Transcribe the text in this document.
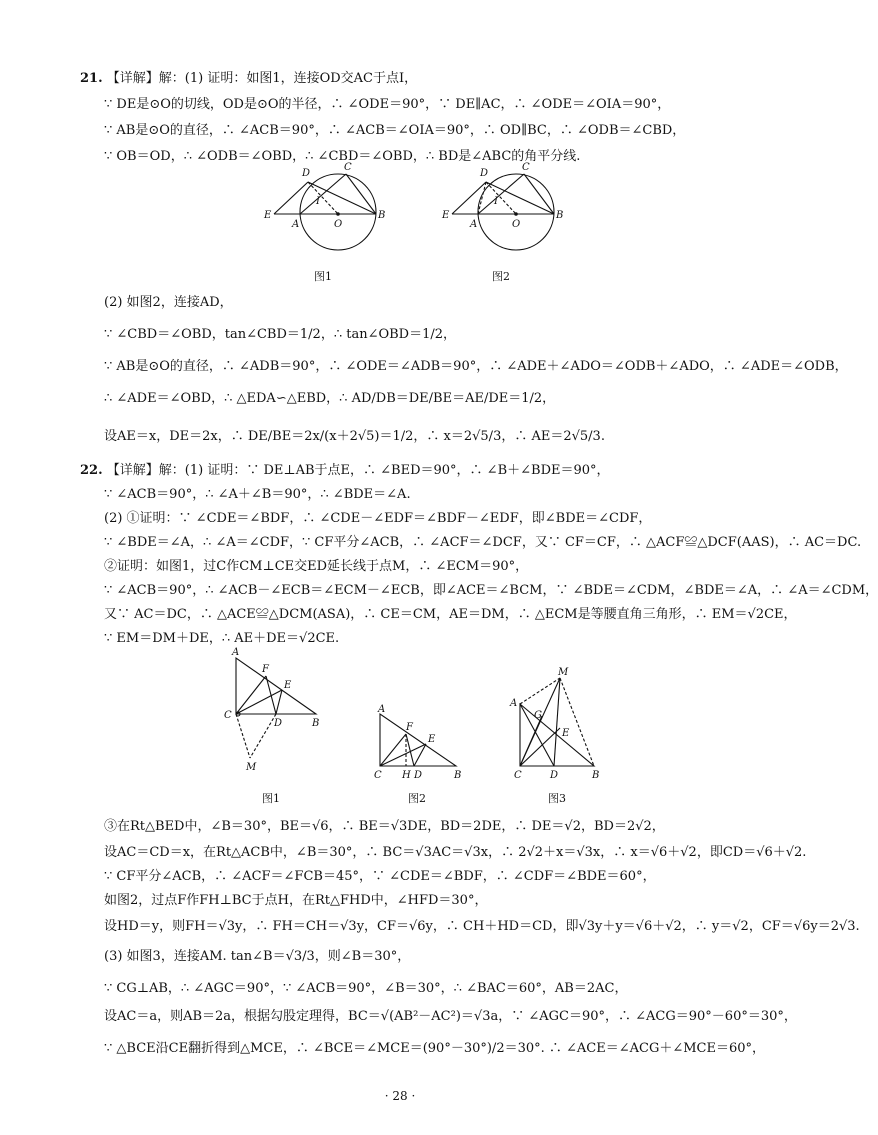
21. 【详解】解：(1) 证明：如图1，连接OD交AC于点I，
∵ DE是⊙O的切线，OD是⊙O的半径，∴ ∠ODE＝90°，∵ DE∥AC，∴ ∠ODE＝∠OIA＝90°，
∵ AB是⊙O的直径，∴ ∠ACB＝90°，∴ ∠ACB＝∠OIA＝90°，∴ OD∥BC，∴ ∠ODB＝∠CBD，
∵ OB＝OD，∴ ∠ODB＝∠OBD，∴ ∠CBD＝∠OBD，∴ BD是∠ABC的角平分线.
D
C
I
E
A	O
B
图1
D
C
I
E
A	O
B
图2
(2) 如图2，连接AD，
∵ ∠CBD＝∠OBD，tan∠CBD＝1/2，∴ tan∠OBD＝1/2，
∵ AB是⊙O的直径，∴ ∠ADB＝90°，∴ ∠ODE＝∠ADB＝90°，∴ ∠ADE＋∠ADO＝∠ODB＋∠ADO，∴ ∠ADE＝∠ODB，
∴ ∠ADE＝∠OBD，∴ △EDA∽△EBD，∴ AD/DB＝DE/BE＝AE/DE＝1/2，
设AE＝x，DE＝2x，∴ DE/BE＝2x/(x＋2√5)＝1/2，∴ x＝2√5/3，∴ AE＝2√5/3.
22. 【详解】解：(1) 证明：∵ DE⊥AB于点E，∴ ∠BED＝90°，∴ ∠B＋∠BDE＝90°，
∵ ∠ACB＝90°，∴ ∠A＋∠B＝90°，∴ ∠BDE＝∠A.
(2) ①证明：∵ ∠CDE＝∠BDF，∴ ∠CDE－∠EDF＝∠BDF－∠EDF，即∠BDE＝∠CDF，
∵ ∠BDE＝∠A，∴ ∠A＝∠CDF，∵ CF平分∠ACB，∴ ∠ACF＝∠DCF，又∵ CF＝CF，∴ △ACF≌△DCF(AAS)，∴ AC＝DC.
②证明：如图1，过C作CM⊥CE交ED延长线于点M，∴ ∠ECM＝90°，
∵ ∠ACB＝90°，∴ ∠ACB－∠ECB＝∠ECM－∠ECB，即∠ACE＝∠BCM，∵ ∠BDE＝∠CDM，∠BDE＝∠A，∴ ∠A＝∠CDM，
又∵ AC＝DC，∴ △ACE≌△DCM(ASA)，∴ CE＝CM，AE＝DM，∴ △ECM是等腰直角三角形，∴ EM＝√2CE，
∵ EM＝DM＋DE，∴ AE＋DE＝√2CE.
A
F
E
C
D	B
M
图1
A
F
E
C H D	B
图2
M
A
G
E
C	D	B
图3
③在Rt△BED中，∠B＝30°，BE＝√6，∴ BE＝√3DE，BD＝2DE，∴ DE＝√2，BD＝2√2，
设AC＝CD＝x，在Rt△ACB中，∠B＝30°，∴ BC＝√3AC＝√3x，∴ 2√2＋x＝√3x，∴ x＝√6＋√2，即CD＝√6＋√2.
∵ CF平分∠ACB，∴ ∠ACF＝∠FCB＝45°，∵ ∠CDE＝∠BDF，∴ ∠CDF＝∠BDE＝60°，
如图2，过点F作FH⊥BC于点H，在Rt△FHD中，∠HFD＝30°，
设HD＝y，则FH＝√3y，∴ FH＝CH＝√3y，CF＝√6y，∴ CH＋HD＝CD，即√3y＋y＝√6＋√2，∴ y＝√2，CF＝√6y＝2√3.
(3) 如图3，连接AM. tan∠B＝√3/3，则∠B＝30°，
∵ CG⊥AB，∴ ∠AGC＝90°，∵ ∠ACB＝90°，∠B＝30°，∴ ∠BAC＝60°，AB＝2AC，
设AC＝a，则AB＝2a，根据勾股定理得，BC＝√(AB²－AC²)＝√3a，∵ ∠AGC＝90°，∴ ∠ACG＝90°－60°＝30°，
∵ △BCE沿CE翻折得到△MCE，∴ ∠BCE＝∠MCE＝(90°－30°)/2＝30°. ∴ ∠ACE＝∠ACG＋∠MCE＝60°，
· 28 ·
